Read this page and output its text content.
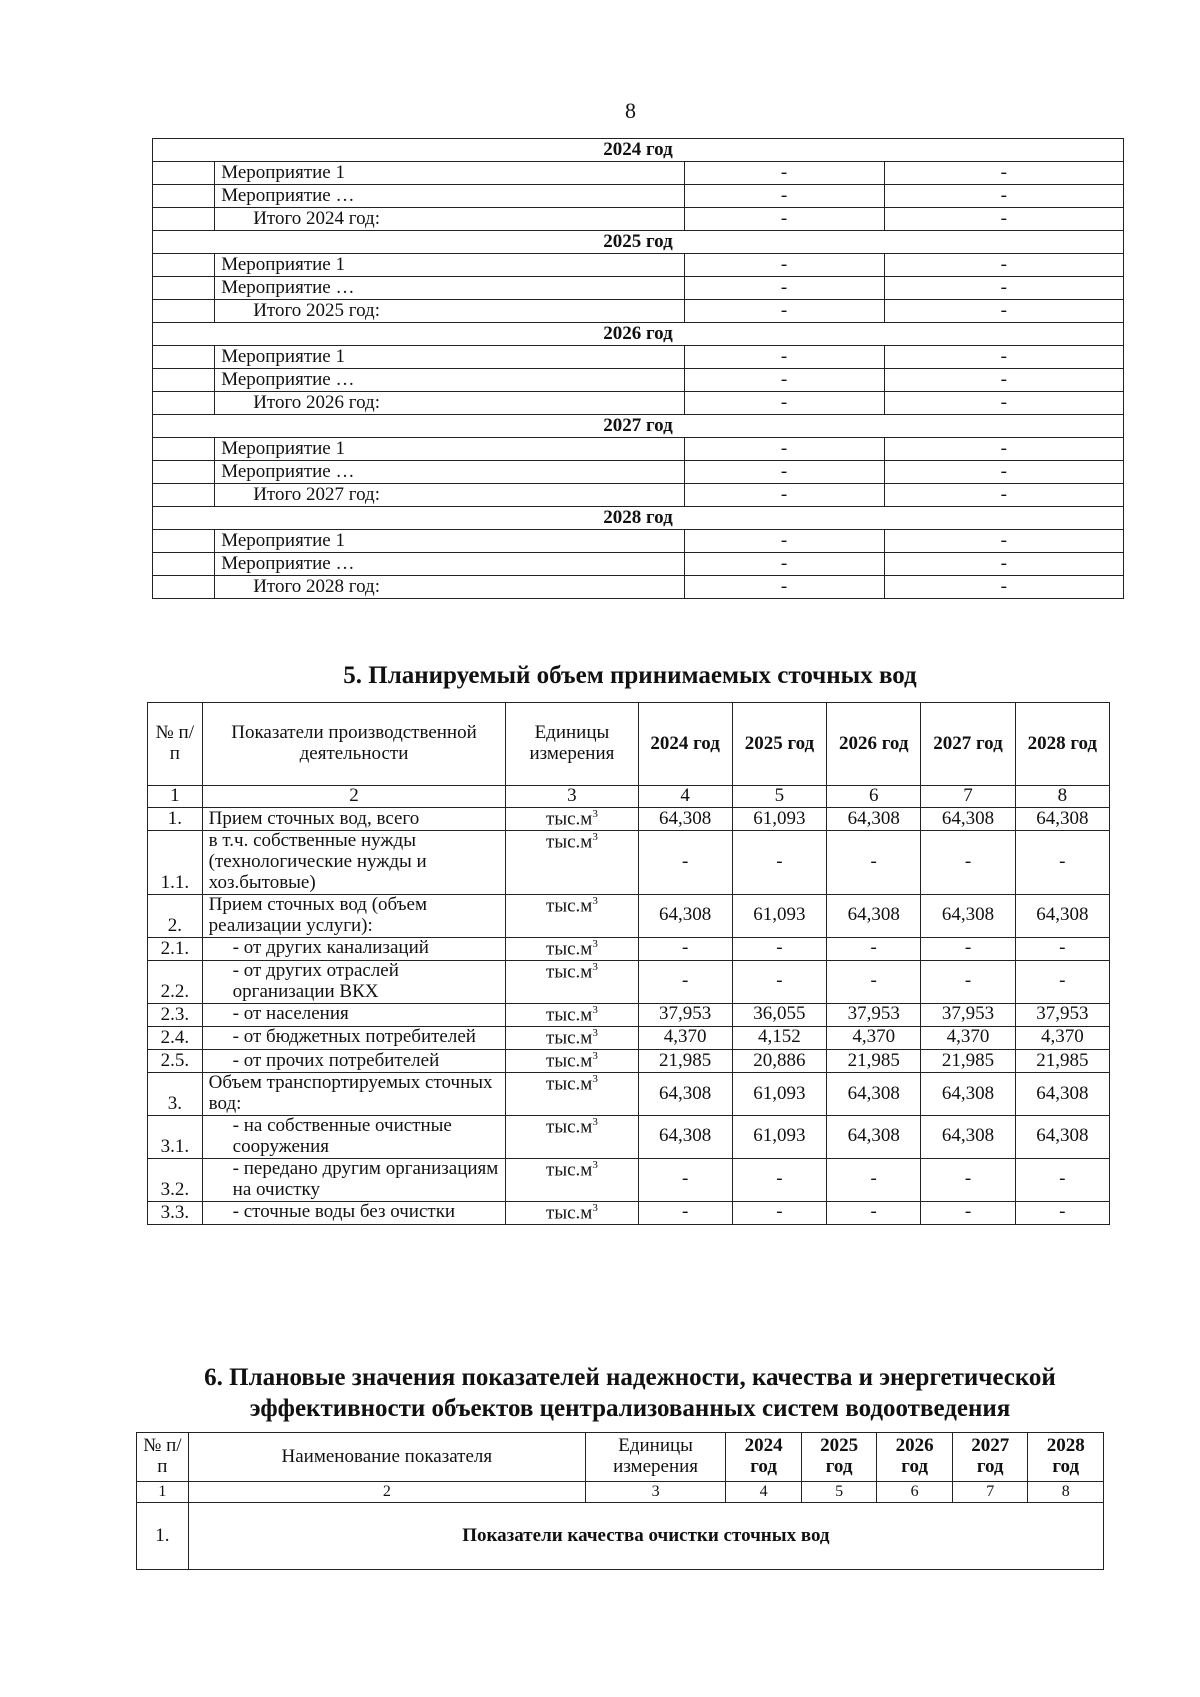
8
2024 год			
	Мероприятие 1	-	-
	Мероприятие …	-	-
	Итого 2024 год:	-	-
2025 год			
	Мероприятие 1	-	-
	Мероприятие …	-	-
	Итого 2025 год:	-	-
2026 год			
	Мероприятие 1	-	-
	Мероприятие …	-	-
	Итого 2026 год:	-	-
2027 год			
	Мероприятие 1	-	-
	Мероприятие …	-	-
	Итого 2027 год:	-	-
2028 год			
	Мероприятие 1	-	-
	Мероприятие …	-	-
	Итого 2028 год:	-	-
5. Планируемый объем принимаемых сточных вод
№ п/п	Показатели производственной деятельности	Единицы измерения	2024 год	2025 год	2026 год	2027 год	2028 год
1	2	3	4	5	6	7	8
1.	Прием сточных вод, всего	$тыс.м^3$	64,308	61,093	64,308	64,308	64,308
1.1.	в т.ч. собственные нужды (технологические нужды и хоз.бытовые)	$тыс.м^3$	-	-	-	-	-
2.	Прием сточных вод (объем реализации услуги):	$тыс.м^3$	64,308	61,093	64,308	64,308	64,308
2.1.	- от других канализаций	$тыс.м^3$	-	-	-	-	-
2.2.	- от других отраслей организации ВКХ	$тыс.м^3$	-	-	-	-	-
2.3.	- от населения	$тыс.м^3$	37,953	36,055	37,953	37,953	37,953
2.4.	- от бюджетных потребителей	$тыс.м^3$	4,370	4,152	4,370	4,370	4,370
2.5.	- от прочих потребителей	$тыс.м^3$	21,985	20,886	21,985	21,985	21,985
3.	Объем транспортируемых сточных вод:	$тыс.м^3$	64,308	61,093	64,308	64,308	64,308
3.1.	- на собственные очистные сооружения	$тыс.м^3$	64,308	61,093	64,308	64,308	64,308
3.2.	- передано другим организациям на очистку	$тыс.м^3$	-	-	-	-	-
3.3.	- сточные воды без очистки	$тыс.м^3$	-	-	-	-	-
6. Плановые значения показателей надежности, качества и энергетической эффективности объектов централизованных систем водоотведения
№ п/п	Наименование показателя	Единицы измерения	2024 год	2025 год	2026 год	2027 год	2028 год
1	2	3	4	5	6	7	8
1.	Показатели качества очистки сточных вод						
